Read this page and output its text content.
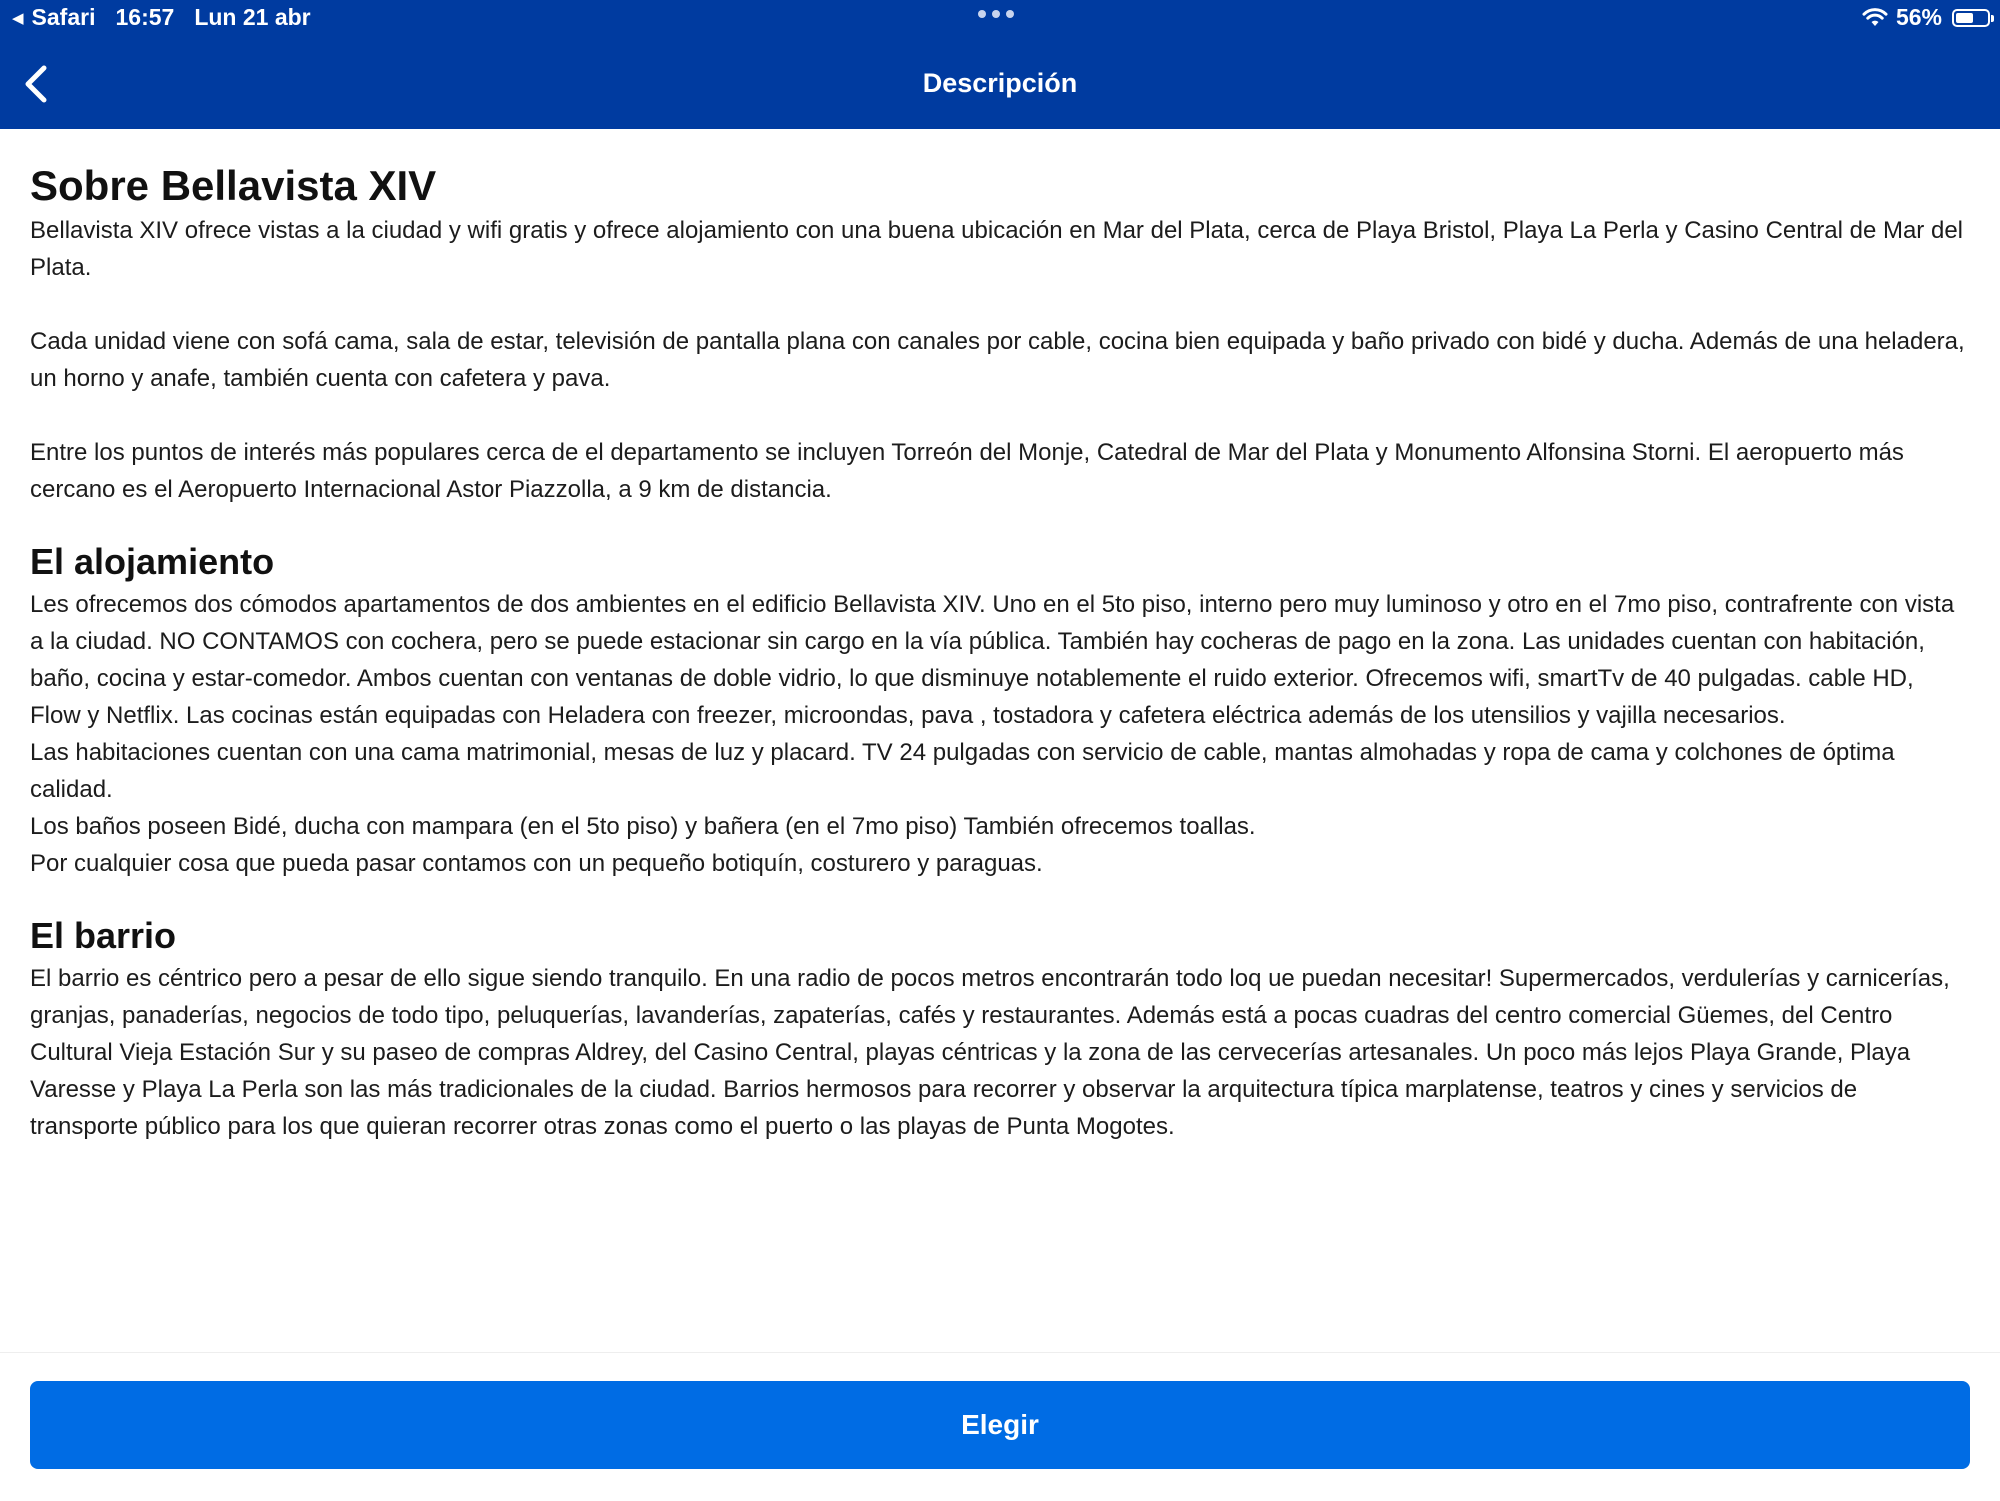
◀ Safari 16:57 Lun 21 abr	56%
Descripción
Sobre Bellavista XIV

Bellavista XIV ofrece vistas a la ciudad y wifi gratis y ofrece alojamiento con una buena ubicación en Mar del Plata, cerca de Playa Bristol, Playa La Perla y Casino Central de Mar del Plata.

Cada unidad viene con sofá cama, sala de estar, televisión de pantalla plana con canales por cable, cocina bien equipada y baño privado con bidé y ducha. Además de una heladera, un horno y anafe, también cuenta con cafetera y pava.

Entre los puntos de interés más populares cerca de el departamento se incluyen Torreón del Monje, Catedral de Mar del Plata y Monumento Alfonsina Storni. El aeropuerto más cercano es el Aeropuerto Internacional Astor Piazzolla, a 9 km de distancia.

El alojamiento

Les ofrecemos dos cómodos apartamentos de dos ambientes en el edificio Bellavista XIV. Uno en el 5to piso, interno pero muy luminoso y otro en el 7mo piso, contrafrente con vista a la ciudad. NO CONTAMOS con cochera, pero se puede estacionar sin cargo en la vía pública. También hay cocheras de pago en la zona. Las unidades cuentan con habitación, baño, cocina y estar-comedor. Ambos cuentan con ventanas de doble vidrio, lo que disminuye notablemente el ruido exterior. Ofrecemos wifi, smartTv de 40 pulgadas. cable HD, Flow y Netflix. Las cocinas están equipadas con Heladera con freezer, microondas, pava , tostadora y cafetera eléctrica además de los utensilios y vajilla necesarios.

Las habitaciones cuentan con una cama matrimonial, mesas de luz y placard. TV 24 pulgadas con servicio de cable, mantas almohadas y ropa de cama y colchones de óptima calidad.

Los baños poseen Bidé, ducha con mampara (en el 5to piso) y bañera (en el 7mo piso) También ofrecemos toallas.

Por cualquier cosa que pueda pasar contamos con un pequeño botiquín, costurero y paraguas.

El barrio

El barrio es céntrico pero a pesar de ello sigue siendo tranquilo. En una radio de pocos metros encontrarán todo loq ue puedan necesitar! Supermercados, verdulerías y carnicerías, granjas, panaderías, negocios de todo tipo, peluquerías, lavanderías, zapaterías, cafés y restaurantes. Además está a pocas cuadras del centro comercial Güemes, del Centro Cultural Vieja Estación Sur y su paseo de compras Aldrey, del Casino Central, playas céntricas y la zona de las cervecerías artesanales. Un poco más lejos Playa Grande, Playa Varesse y Playa La Perla son las más tradicionales de la ciudad. Barrios hermosos para recorrer y observar la arquitectura típica marplatense, teatros y cines y servicios de transporte público para los que quieran recorrer otras zonas como el puerto o las playas de Punta Mogotes.

Elegir
